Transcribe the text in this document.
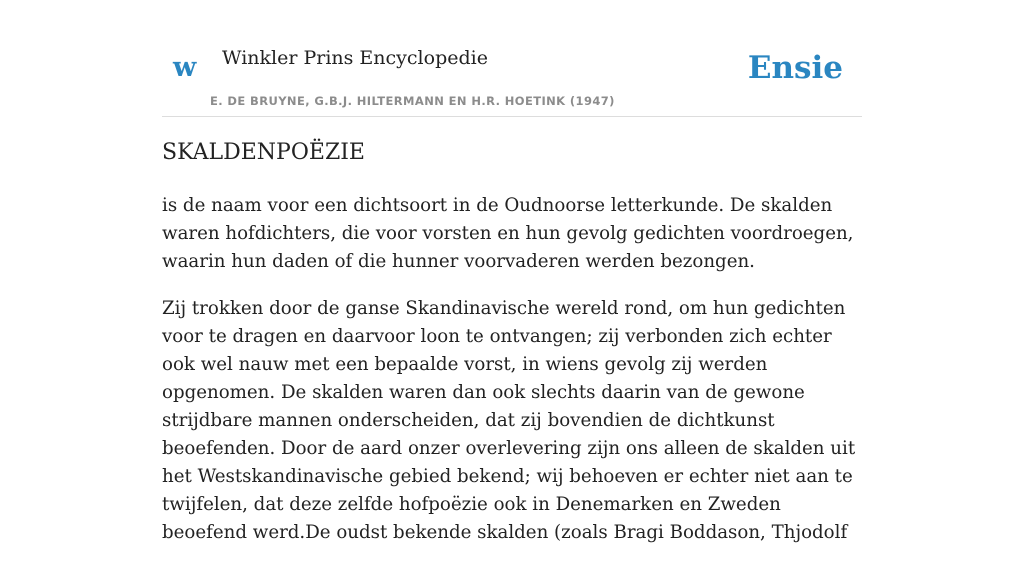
w Winkler Prins Encyclopedie
E. DE BRUYNE, G.B.J. HILTERMANN EN H.R. HOETINK (1947)
Ensie
SKALDENPOËZIE

is de naam voor een dichtsoort in de Oudnoorse letterkunde. De skalden waren hofdichters, die voor vorsten en hun gevolg gedichten voordroegen, waarin hun daden of die hunner voorvaderen werden bezongen.

Zij trokken door de ganse Skandinavische wereld rond, om hun gedichten voor te dragen en daarvoor loon te ontvangen; zij verbonden zich echter ook wel nauw met een bepaalde vorst, in wiens gevolg zij werden opgenomen. De skalden waren dan ook slechts daarin van de gewone strijdbare mannen onderscheiden, dat zij bovendien de dichtkunst beoefenden. Door de aard onzer overlevering zijn ons alleen de skalden uit het Westskandinavische gebied bekend; wij behoeven er echter niet aan te twijfelen, dat deze zelfde hofpoëzie ook in Denemarken en Zweden beoefend werd.De oudst bekende skalden (zoals Bragi Boddason, Thjodolf
